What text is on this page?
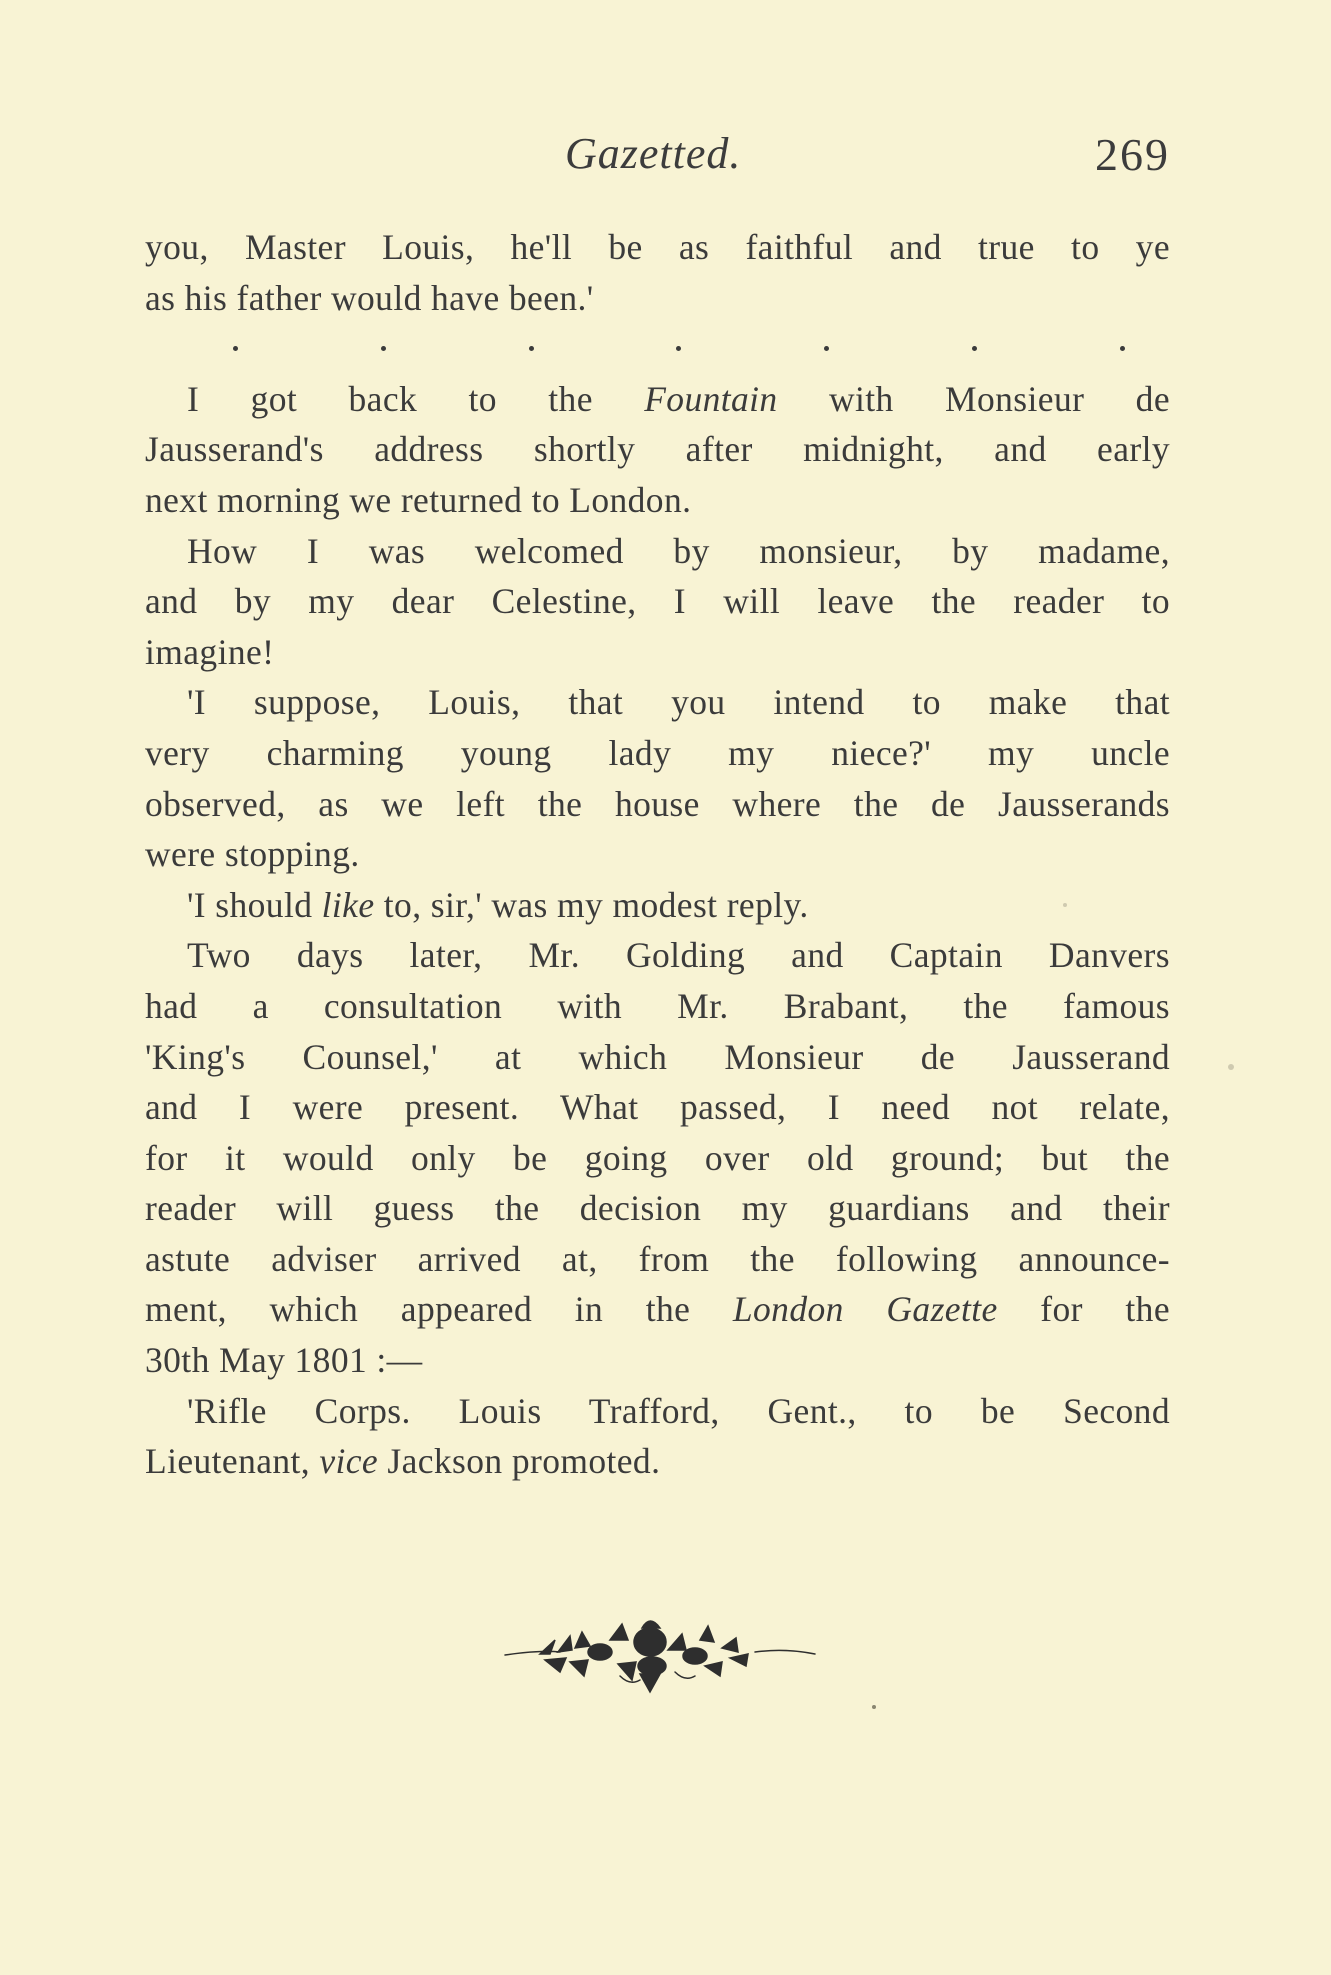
Gazetted.	269
you, Master Louis, he'll be as faithful and true to ye
as his father would have been.'
I got back to the Fountain with Monsieur de
Jausserand's address shortly after midnight, and early
next morning we returned to London.
How I was welcomed by monsieur, by madame,
and by my dear Celestine, I will leave the reader to
imagine!
'I suppose, Louis, that you intend to make that
very charming young lady my niece?' my uncle
observed, as we left the house where the de Jausserands
were stopping.
'I should like to, sir,' was my modest reply.
Two days later, Mr. Golding and Captain Danvers
had a consultation with Mr. Brabant, the famous
'King's Counsel,' at which Monsieur de Jausserand
and I were present. What passed, I need not relate,
for it would only be going over old ground; but the
reader will guess the decision my guardians and their
astute adviser arrived at, from the following announce-
ment, which appeared in the London Gazette for the
30th May 1801 :—
'Rifle Corps. Louis Trafford, Gent., to be Second
Lieutenant, vice Jackson promoted.
